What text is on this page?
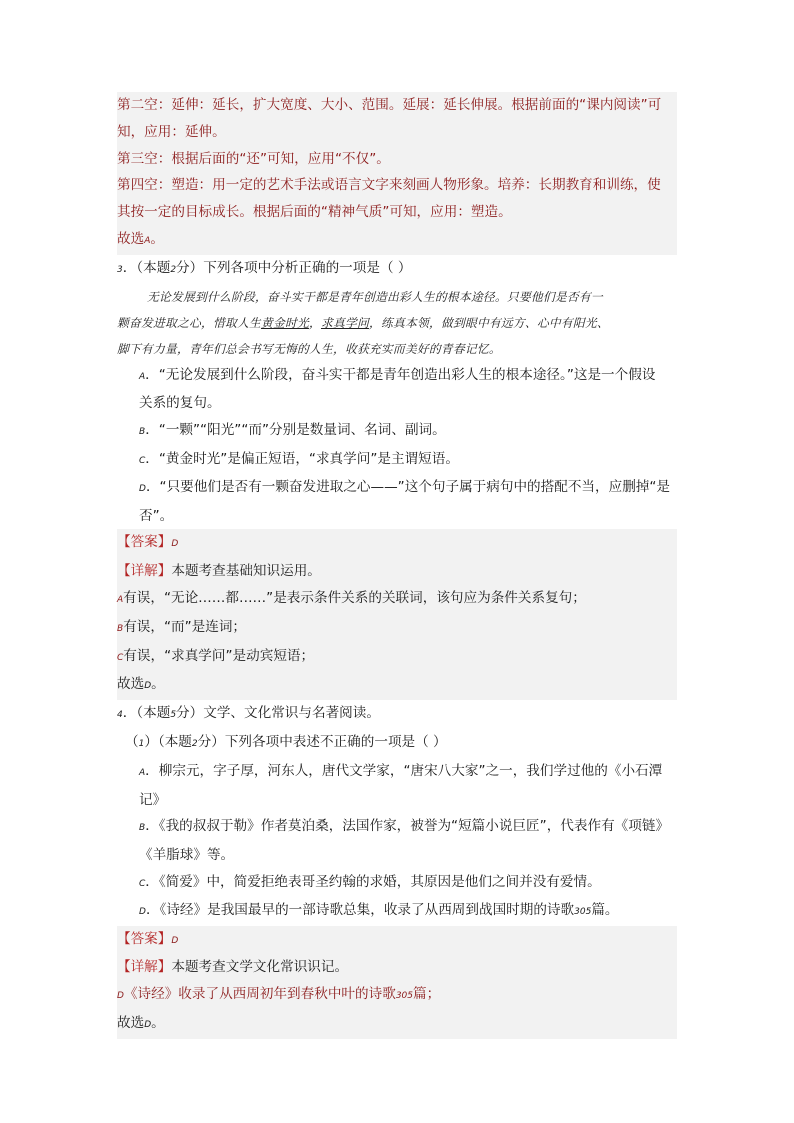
第二空：延伸：延长，扩大宽度、大小、范围。延展：延长伸展。根据前面的“课内阅读”可
知，应用：延伸。
第三空：根据后面的“还”可知，应用“不仅”。
第四空：塑造：用一定的艺术手法或语言文字来刻画人物形象。培养：长期教育和训练，使
其按一定的目标成长。根据后面的“精神气质”可知，应用：塑造。
故选A。
3．（本题2分）下列各项中分析正确的一项是（ ）
无论发展到什么阶段，奋斗实干都是青年创造出彩人生的根本途径。只要他们是否有一
颗奋发进取之心，惜取人生黄金时光，求真学问，练真本领，做到眼中有远方、心中有阳光、
脚下有力量，青年们总会书写无悔的人生，收获充实而美好的青春记忆。
A．“无论发展到什么阶段，奋斗实干都是青年创造出彩人生的根本途径。”这是一个假设
关系的复句。
B．“一颗”“阳光”“而”分别是数量词、名词、副词。
C．“黄金时光”是偏正短语，“求真学问”是主谓短语。
D．“只要他们是否有一颗奋发进取之心——”这个句子属于病句中的搭配不当，应删掉“是
否”。
【答案】D
【详解】本题考查基础知识运用。
A有误，“无论……都……”是表示条件关系的关联词，该句应为条件关系复句；
B有误，“而”是连词；
C有误，“求真学问”是动宾短语；
故选D。
4．（本题5分）文学、文化常识与名著阅读。
（1）（本题2分）下列各项中表述不正确的一项是（ ）
A．柳宗元，字子厚，河东人，唐代文学家，“唐宋八大家”之一，我们学过他的《小石潭
记》
B．《我的叔叔于勒》作者莫泊桑，法国作家，被誉为“短篇小说巨匠”，代表作有《项链》
《羊脂球》等。
C．《简爱》中，简爱拒绝表哥圣约翰的求婚，其原因是他们之间并没有爱情。
D．《诗经》是我国最早的一部诗歌总集，收录了从西周到战国时期的诗歌305篇。
【答案】D
【详解】本题考查文学文化常识识记。
D《诗经》收录了从西周初年到春秋中叶的诗歌305篇；
故选D。
